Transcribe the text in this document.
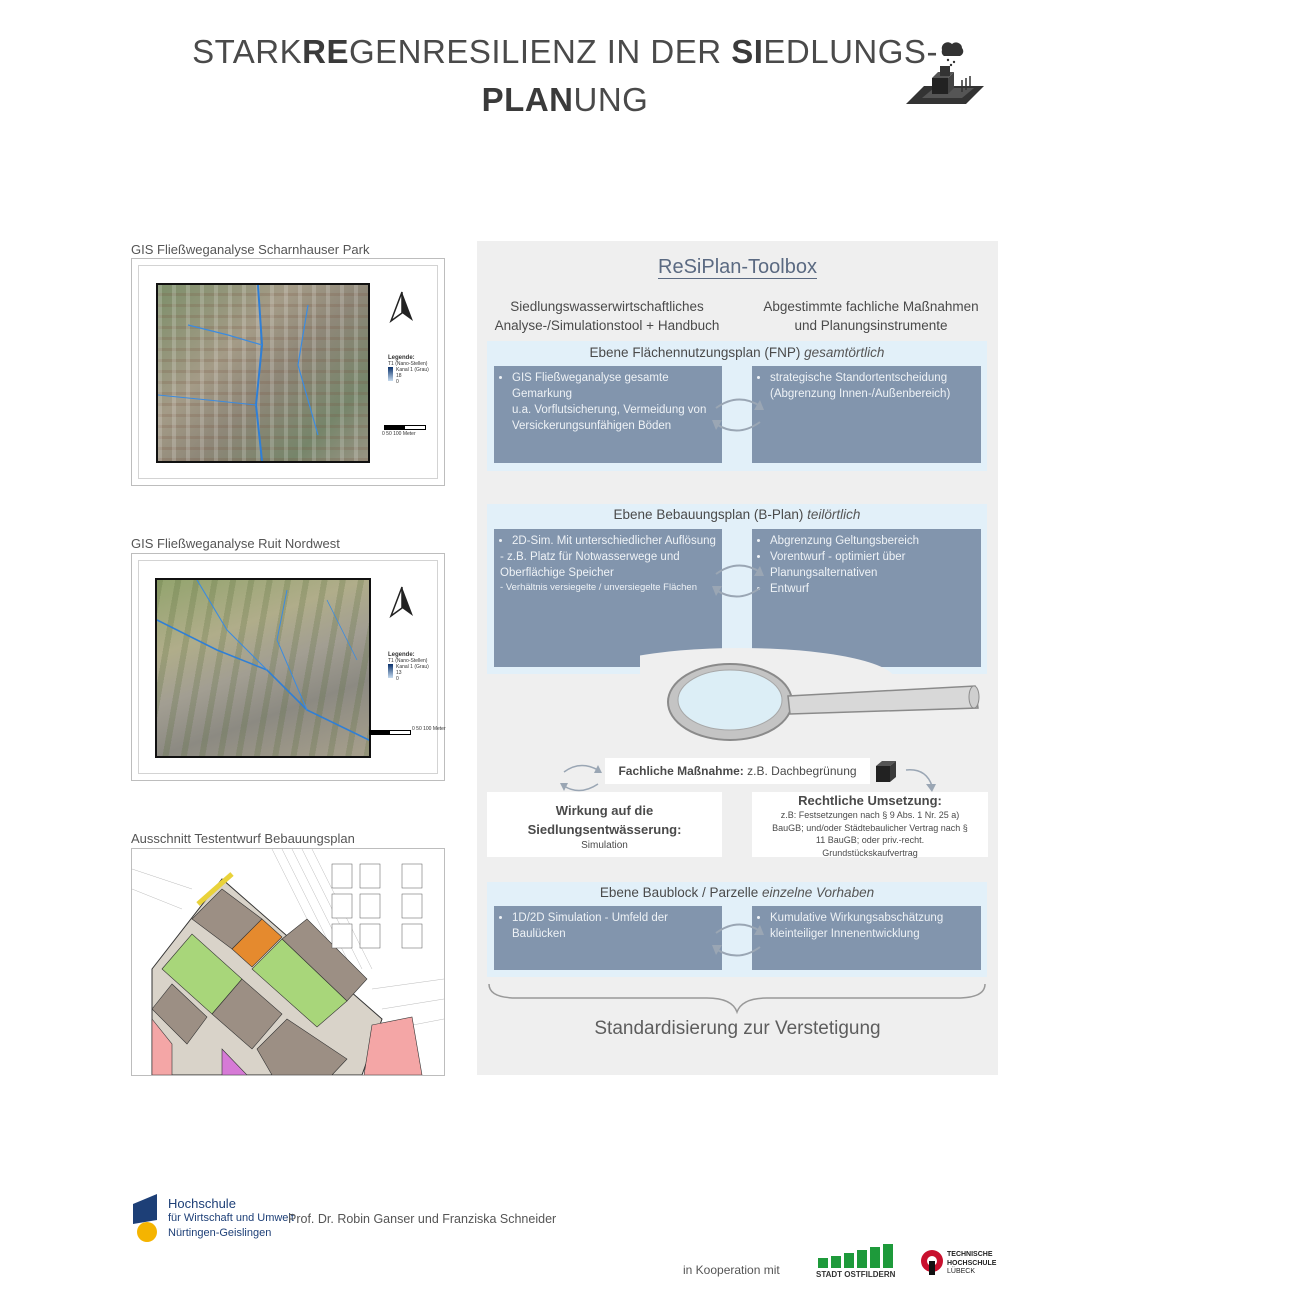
STARKREGENRESILIENZ IN DER SIEDLUNGS-
PLANUNG
GIS Fließweganalyse Scharnhauser Park
Legende:
T1 (Nano-Stellen)
Kanal 1 (Grau)
18
0
0 50 100 Meter
GIS Fließweganalyse Ruit Nordwest
Legende:
T1 (Nano-Stellen)
Kanal 1 (Grau)
13
0
0 50 100 Meter
Ausschnitt Testentwurf Bebauungsplan
ReSiPlan-Toolbox
Siedlungswasserwirtschaftliches
Analyse-/Simulationstool + Handbuch
Abgestimmte fachliche Maßnahmen
und Planungsinstrumente
Ebene Flächennutzungsplan (FNP) gesamtörtlich
• GIS Fließweganalyse gesamte Gemarkung
u.a. Vorflutsicherung, Vermeidung von Versickerungsunfähigen Böden
• strategische Standortentscheidung (Abgrenzung Innen-/Außenbereich)
Ebene Bebauungsplan (B-Plan) teilörtlich
• 2D-Sim. Mit unterschiedlicher Auflösung
- z.B. Platz für Notwasserwege und Oberflächige Speicher
- Verhältnis versiegelte / unversiegelte Flächen
• Abgrenzung Geltungsbereich
• Vorentwurf - optimiert über Planungsalternativen
• Entwurf
Fachliche Maßnahme: z.B. Dachbegrünung
Wirkung auf die
Siedlungsentwässerung:
Simulation
Rechtliche Umsetzung:
z.B: Festsetzungen nach § 9 Abs. 1 Nr. 25 a) BauGB; und/oder Städtebaulicher Vertrag nach § 11 BauGB; oder priv.-recht. Grundstückskaufvertrag
Ebene Baublock / Parzelle einzelne Vorhaben
• 1D/2D Simulation - Umfeld der Baulücken
• Kumulative Wirkungsabschätzung kleinteiliger Innenentwicklung
Standardisierung zur Verstetigung
Hochschule
für Wirtschaft und Umwelt
Nürtingen-Geislingen
Prof. Dr. Robin Ganser und Franziska Schneider
in Kooperation mit	STADT OSTFILDERN
TECHNISCHE
HOCHSCHULE
LÜBECK
